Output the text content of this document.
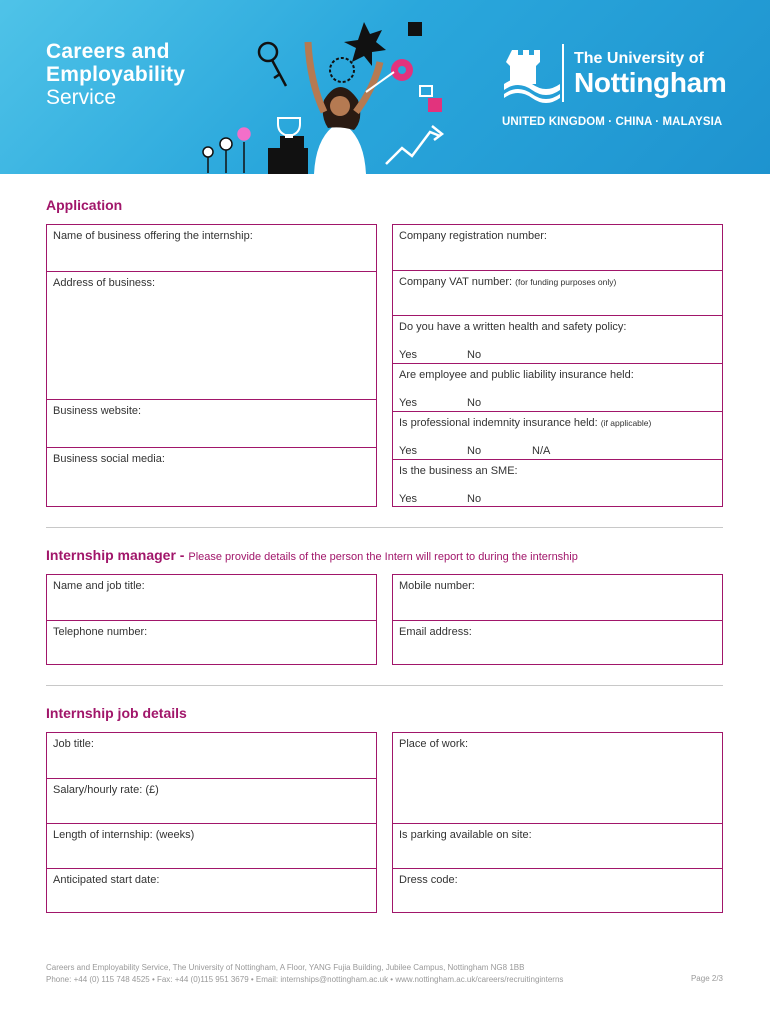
Careers and
Employability
Service
The University of
Nottingham
UNITED KINGDOM · CHINA · MALAYSIA
Application
Name of business offering the internship:
Address of business:
Business website:
Business social media:
Company registration number:
Company VAT number: (for funding purposes only)
Do you have a written health and safety policy:
Yes	No
Are employee and public liability insurance held:
Yes	No
Is professional indemnity insurance held: (if applicable)
Yes	No	N/A
Is the business an SME:
Yes	No
Internship manager - Please provide details of the person the Intern will report to during the internship
Name and job title:
Telephone number:
Mobile number:
Email address:
Internship job details
Job title:
Salary/hourly rate: (£)
Length of internship: (weeks)
Anticipated start date:
Place of work:
Is parking available on site:
Dress code:
Careers and Employability Service, The University of Nottingham, A Floor, YANG Fujia Building, Jubilee Campus, Nottingham NG8 1BB
Phone: +44 (0) 115 748 4525 • Fax: +44 (0)115 951 3679 • Email: internships@nottingham.ac.uk • www.nottingham.ac.uk/careers/recruitinginterns	Page 2/3
